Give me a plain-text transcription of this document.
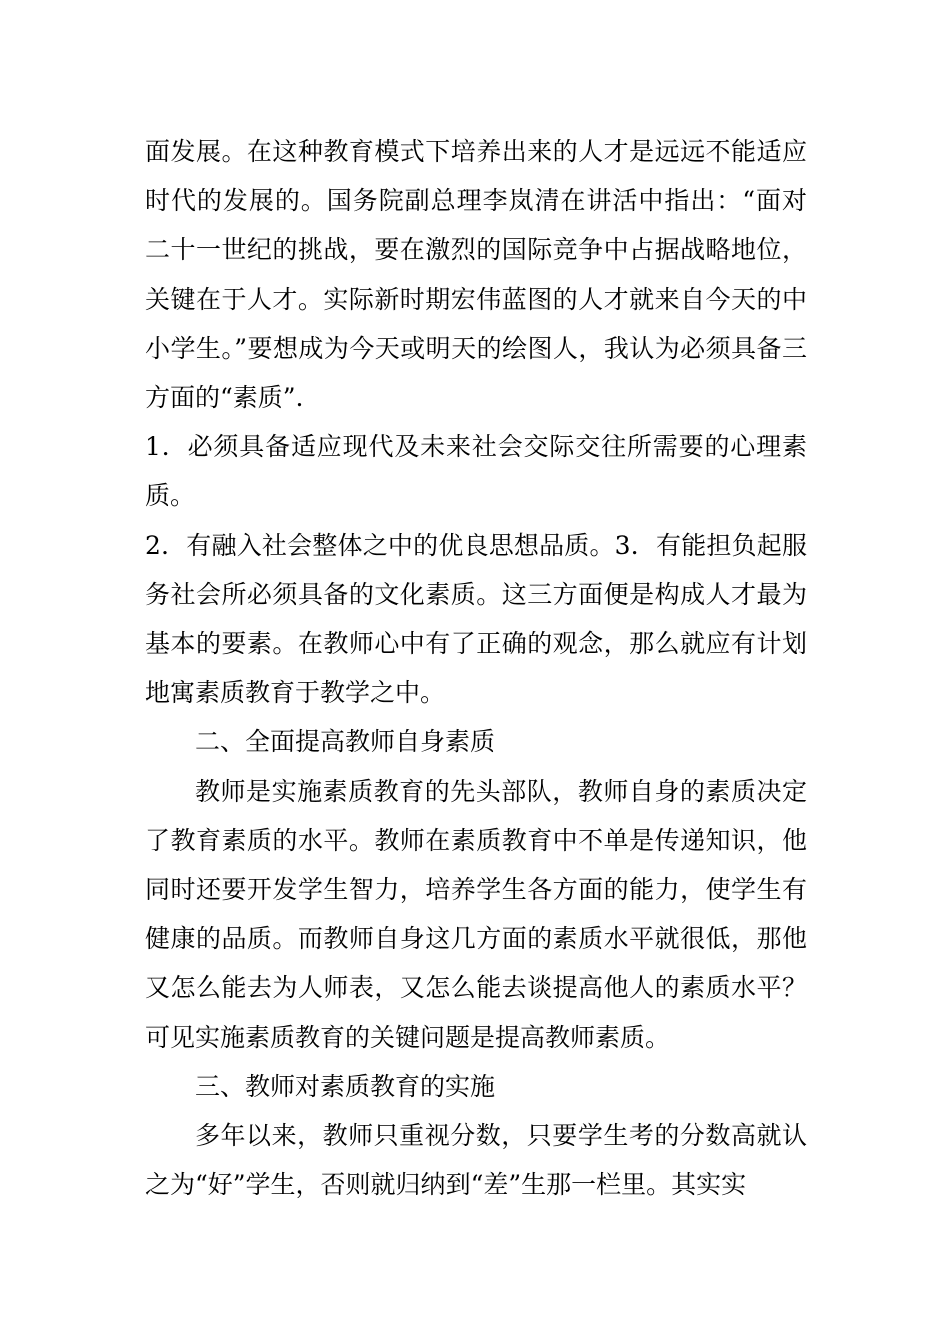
面发展。在这种教育模式下培养出来的人才是远远不能适应时代的发展的。国务院副总理李岚清在讲活中指出：“面对二十一世纪的挑战，要在激烈的国际竞争中占据战略地位，关键在于人才。实际新时期宏伟蓝图的人才就来自今天的中小学生。”要想成为今天或明天的绘图人，我认为必须具备三方面的“素质”.

1．必须具备适应现代及未来社会交际交往所需要的心理素质。

2．有融入社会整体之中的优良思想品质。3．有能担负起服务社会所必须具备的文化素质。这三方面便是构成人才最为基本的要素。在教师心中有了正确的观念，那么就应有计划地寓素质教育于教学之中。

二、全面提高教师自身素质

教师是实施素质教育的先头部队，教师自身的素质决定了教育素质的水平。教师在素质教育中不单是传递知识，他同时还要开发学生智力，培养学生各方面的能力，使学生有健康的品质。而教师自身这几方面的素质水平就很低，那他又怎么能去为人师表，又怎么能去谈提高他人的素质水平？可见实施素质教育的关键问题是提高教师素质。

三、教师对素质教育的实施

多年以来，教师只重视分数，只要学生考的分数高就认之为“好”学生，否则就归纳到“差”生那一栏里。其实实
